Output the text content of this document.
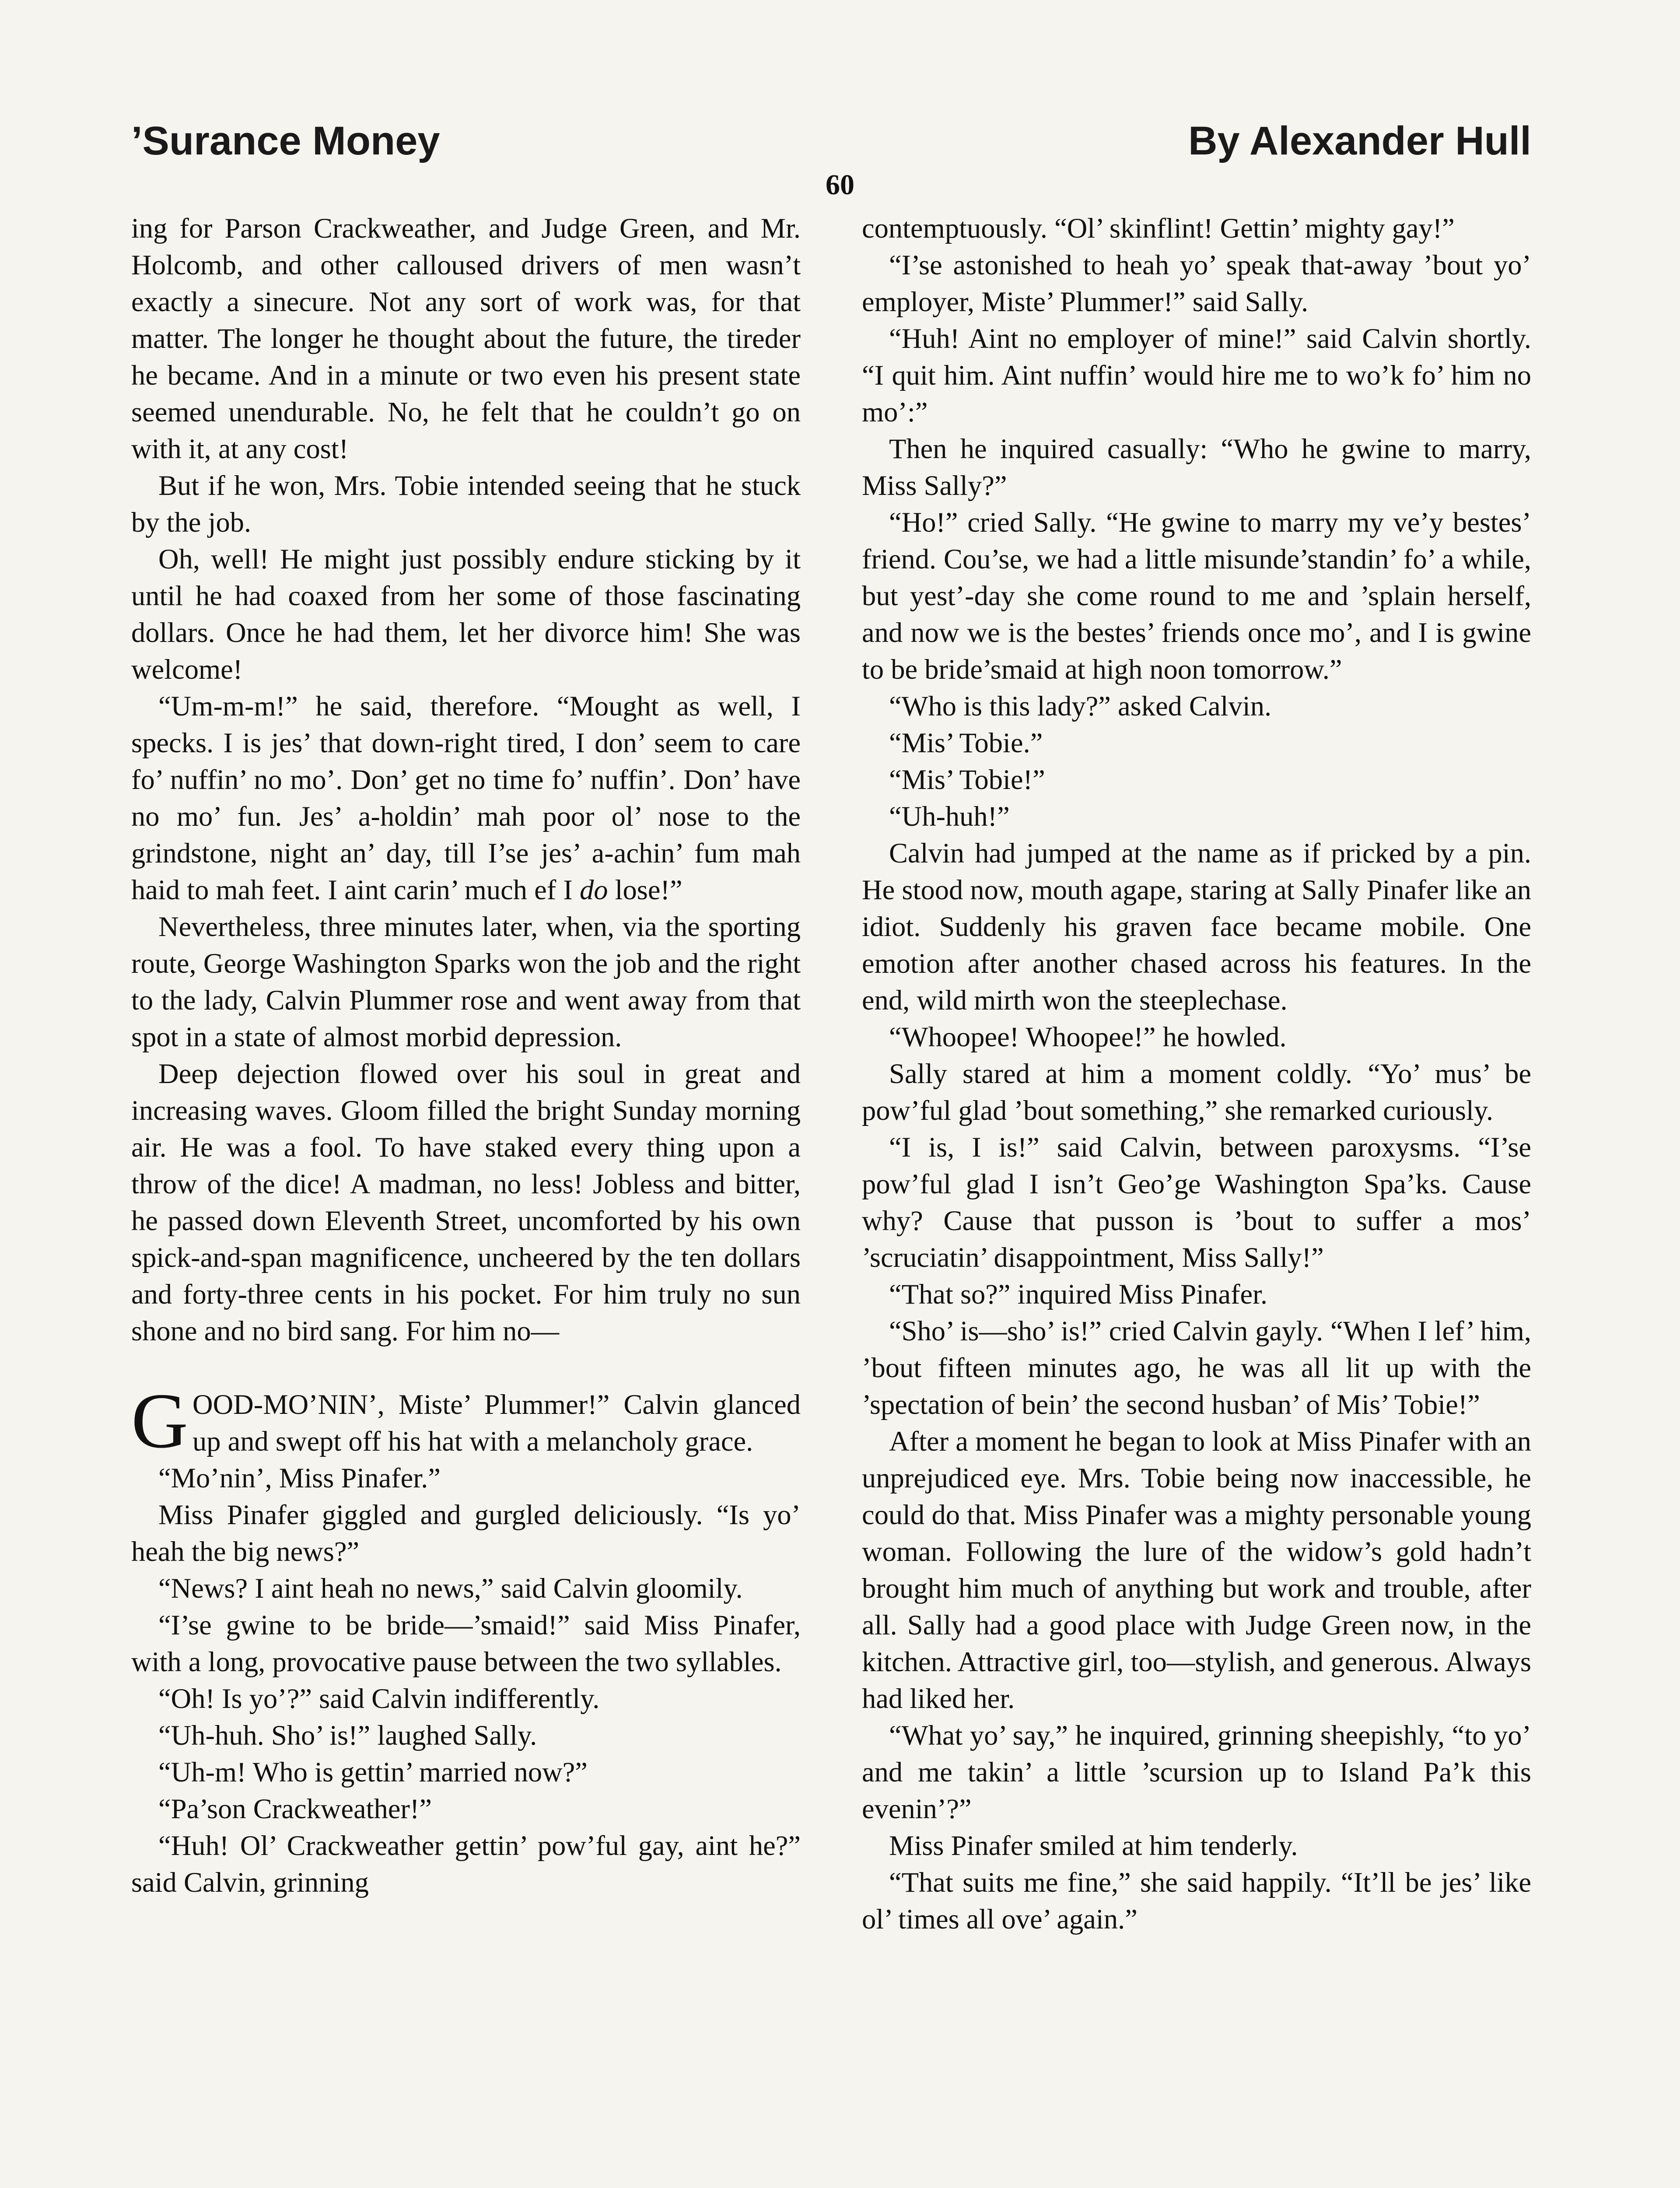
’Surance Money	By Alexander Hull
60

ing for Parson Crackweather, and Judge Green, and Mr. Holcomb, and other calloused drivers of men wasn’t exactly a sinecure. Not any sort of work was, for that matter. The longer he thought about the future, the tireder he became. And in a minute or two even his present state seemed unendurable. No, he felt that he couldn’t go on with it, at any cost!

But if he won, Mrs. Tobie intended seeing that he stuck by the job.

Oh, well! He might just possibly endure sticking by it until he had coaxed from her some of those fascinating dollars. Once he had them, let her divorce him! She was welcome!

“Um-m-m!” he said, therefore. “Mought as well, I specks. I is jes’ that down-right tired, I don’ seem to care fo’ nuffin’ no mo’. Don’ get no time fo’ nuffin’. Don’ have no mo’ fun. Jes’ a-holdin’ mah poor ol’ nose to the grindstone, night an’ day, till I’se jes’ a-achin’ fum mah haid to mah feet. I aint carin’ much ef I do lose!”

Nevertheless, three minutes later, when, via the sporting route, George Washington Sparks won the job and the right to the lady, Calvin Plummer rose and went away from that spot in a state of almost morbid depression.

Deep dejection flowed over his soul in great and increasing waves. Gloom filled the bright Sunday morning air. He was a fool. To have staked every thing upon a throw of the dice! A madman, no less! Jobless and bitter, he passed down Eleventh Street, uncomforted by his own spick-and-span magnificence, uncheered by the ten dollars and forty-three cents in his pocket. For him truly no sun shone and no bird sang. For him no—

GOOD-MO’NIN’, Miste’ Plummer!” Calvin glanced up and swept off his hat with a melancholy grace.

“Mo’nin’, Miss Pinafer.”

Miss Pinafer giggled and gurgled deliciously. “Is yo’ heah the big news?”

“News? I aint heah no news,” said Calvin gloomily.

“I’se gwine to be bride—’smaid!” said Miss Pinafer, with a long, provocative pause between the two syllables.

“Oh! Is yo’?” said Calvin indifferently.

“Uh-huh. Sho’ is!” laughed Sally.

“Uh-m! Who is gettin’ married now?”

“Pa’son Crackweather!”

“Huh! Ol’ Crackweather gettin’ pow’ful gay, aint he?” said Calvin, grinning

contemptuously. “Ol’ skinflint! Gettin’ mighty gay!”

“I’se astonished to heah yo’ speak that-away ’bout yo’ employer, Miste’ Plummer!” said Sally.

“Huh! Aint no employer of mine!” said Calvin shortly. “I quit him. Aint nuffin’ would hire me to wo’k fo’ him no mo’:”

Then he inquired casually: “Who he gwine to marry, Miss Sally?”

“Ho!” cried Sally. “He gwine to marry my ve’y bestes’ friend. Cou’se, we had a little misunde’standin’ fo’ a while, but yest’-day she come round to me and ’splain herself, and now we is the bestes’ friends once mo’, and I is gwine to be bride’smaid at high noon tomorrow.”

“Who is this lady?” asked Calvin.

“Mis’ Tobie.”

“Mis’ Tobie!”

“Uh-huh!”

Calvin had jumped at the name as if pricked by a pin. He stood now, mouth agape, staring at Sally Pinafer like an idiot. Suddenly his graven face became mobile. One emotion after another chased across his features. In the end, wild mirth won the steeplechase.

“Whoopee! Whoopee!” he howled.

Sally stared at him a moment coldly. “Yo’ mus’ be pow’ful glad ’bout something,” she remarked curiously.

“I is, I is!” said Calvin, between paroxysms. “I’se pow’ful glad I isn’t Geo’ge Washington Spa’ks. Cause why? Cause that pusson is ’bout to suffer a mos’ ’scruciatin’ disappointment, Miss Sally!”

“That so?” inquired Miss Pinafer.

“Sho’ is—sho’ is!” cried Calvin gayly. “When I lef’ him, ’bout fifteen minutes ago, he was all lit up with the ’spectation of bein’ the second husban’ of Mis’ Tobie!”

After a moment he began to look at Miss Pinafer with an unprejudiced eye. Mrs. Tobie being now inaccessible, he could do that. Miss Pinafer was a mighty personable young woman. Following the lure of the widow’s gold hadn’t brought him much of anything but work and trouble, after all. Sally had a good place with Judge Green now, in the kitchen. Attractive girl, too—stylish, and generous. Always had liked her.

“What yo’ say,” he inquired, grinning sheepishly, “to yo’ and me takin’ a little ’scursion up to Island Pa’k this evenin’?”

Miss Pinafer smiled at him tenderly.

“That suits me fine,” she said happily. “It’ll be jes’ like ol’ times all ove’ again.”
